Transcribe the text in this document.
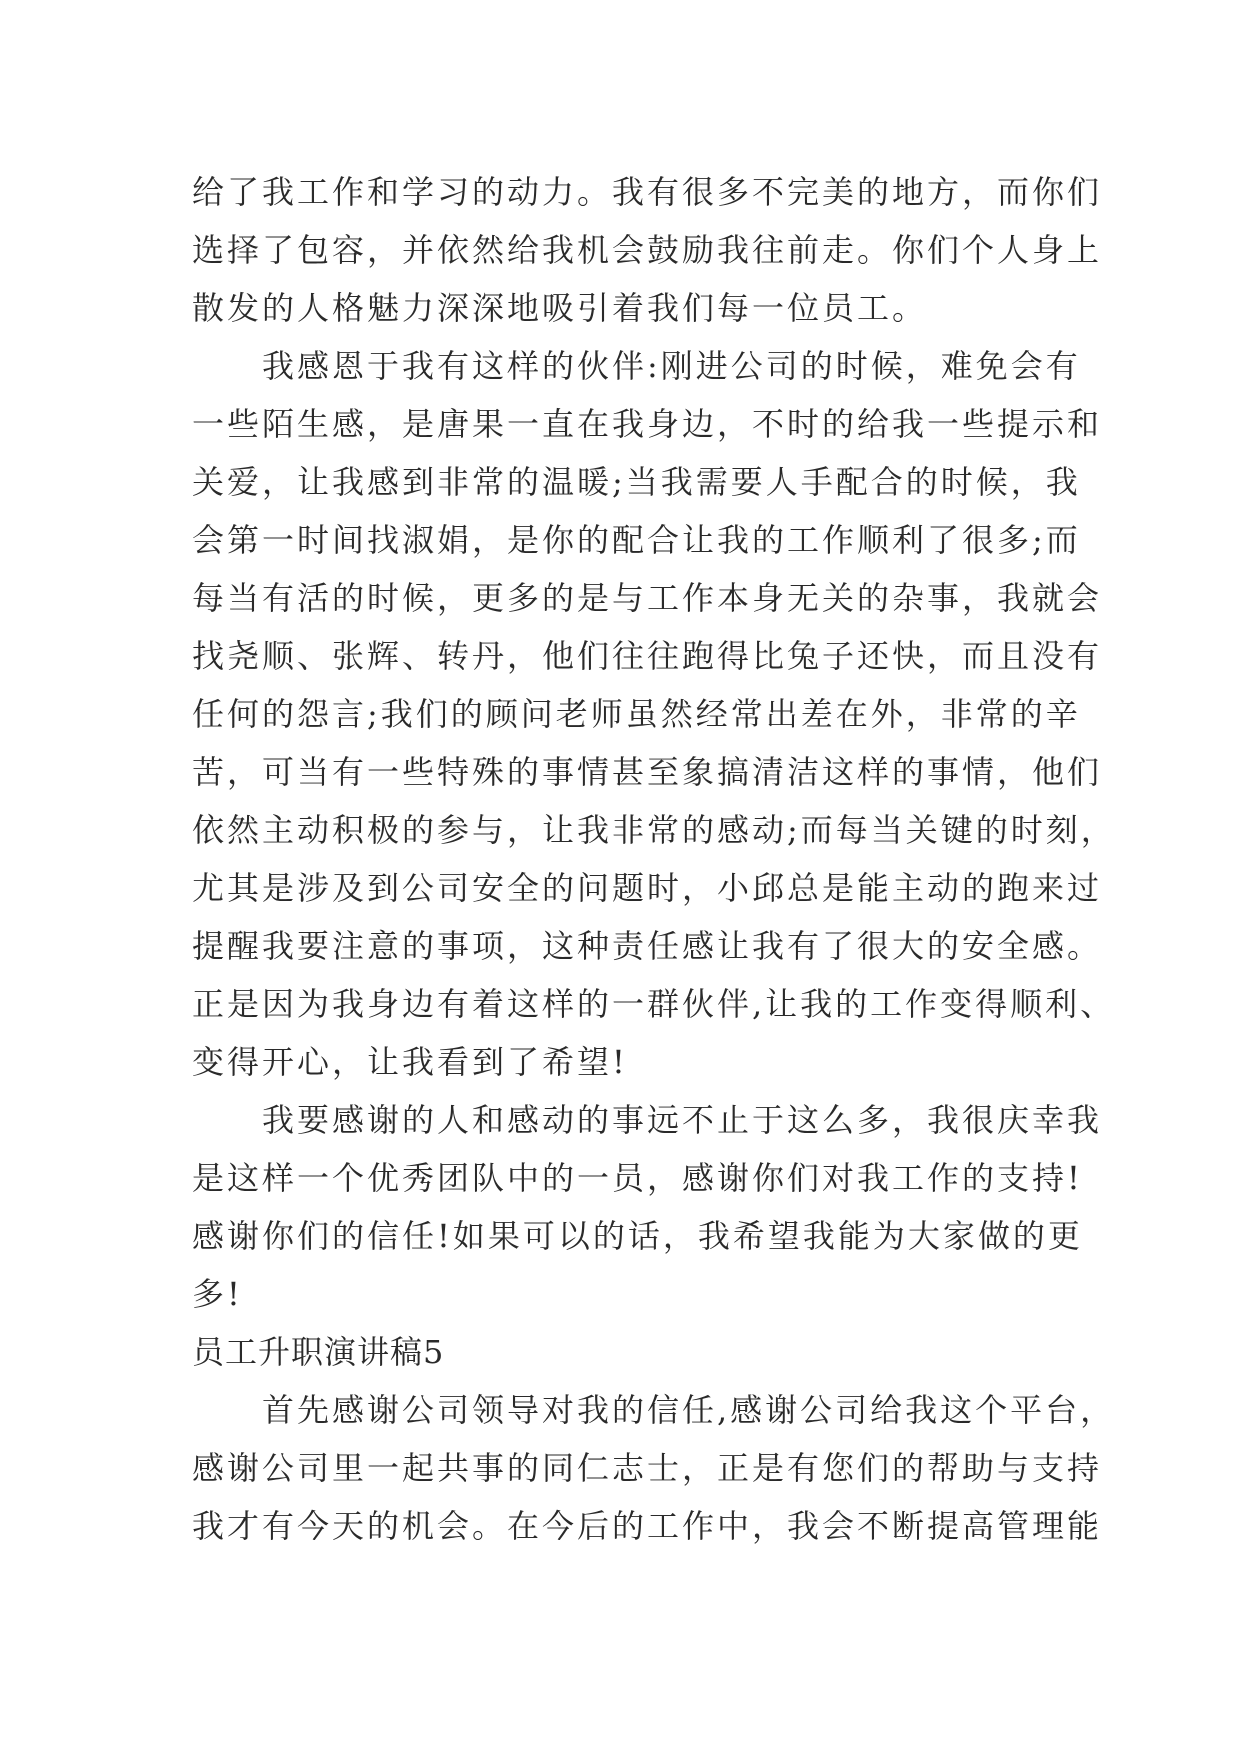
给了我工作和学习的动力。我有很多不完美的地方，而你们
选择了包容，并依然给我机会鼓励我往前走。你们个人身上
散发的人格魅力深深地吸引着我们每一位员工。
我感恩于我有这样的伙伴:刚进公司的时候，难免会有
一些陌生感，是唐果一直在我身边，不时的给我一些提示和
关爱，让我感到非常的温暖;当我需要人手配合的时候，我
会第一时间找淑娟，是你的配合让我的工作顺利了很多;而
每当有活的时候，更多的是与工作本身无关的杂事，我就会
找尧顺、张辉、转丹，他们往往跑得比兔子还快，而且没有
任何的怨言;我们的顾问老师虽然经常出差在外，非常的辛
苦，可当有一些特殊的事情甚至象搞清洁这样的事情，他们
依然主动积极的参与，让我非常的感动;而每当关键的时刻，
尤其是涉及到公司安全的问题时，小邱总是能主动的跑来过
提醒我要注意的事项，这种责任感让我有了很大的安全感。
正是因为我身边有着这样的一群伙伴,让我的工作变得顺利、
变得开心，让我看到了希望!
我要感谢的人和感动的事远不止于这么多，我很庆幸我
是这样一个优秀团队中的一员，感谢你们对我工作的支持!
感谢你们的信任!如果可以的话，我希望我能为大家做的更
多!
员工升职演讲稿5
首先感谢公司领导对我的信任,感谢公司给我这个平台，
感谢公司里一起共事的同仁志士，正是有您们的帮助与支持
我才有今天的机会。在今后的工作中，我会不断提高管理能
